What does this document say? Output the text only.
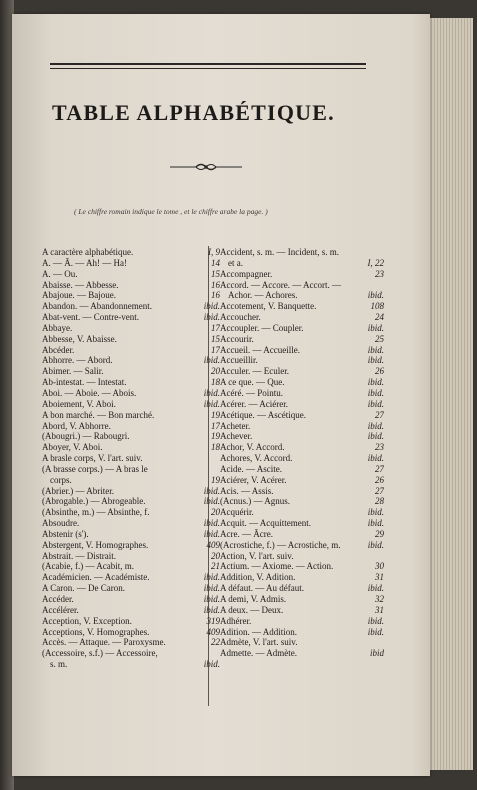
TABLE ALPHABÉTIQUE.
( Le chiffre romain indique le tome , et le chiffre arabe la page. )
A caractère alphabétique.	I, 9
A. — Â. — Ah! — Ha!	14
A. — Ou.	15
Abaisse. — Abbesse.	16
Abajoue. — Bajoue.	16
Abandon. — Abandonnement.	ibid.
Abat-vent. — Contre-vent.	ibid.
Abbaye.	17
Abbesse, V. Abaisse.	15
Abcéder.	17
Abhorre. — Abord.	ibid.
Abimer. — Salir.	20
Ab-intestat. — Intestat.	18
Aboi. — Aboie. — Abois.	ibid.
Aboiement, V. Aboi.	ibid.
A bon marché. — Bon marché.	19
Abord, V. Abhorre.	17
(Abougri.) — Rabougri.	19
Aboyer, V. Aboi.	18
A brasle corps, V. l'art. suiv.
(A brasse corps.) — A bras le
corps.	19
(Abrier.) — Abriter.	ibid.
(Abrogable.) — Abrogeable.	ibid.
(Absinthe, m.) — Absinthe, f.	20
Absoudre.	ibid.
Abstenir (s').	ibid.
Abstergent, V. Homographes.	409
Abstrait. — Distrait.	20
(Acabie, f.) — Acabit, m.	21
Académicien. — Académiste.	ibid.
A Caron. — De Caron.	ibid.
Accéder.	ibid.
Accélérer.	ibid.
Acception, V. Exception.	319
Acceptions, V. Homographes.	409
Accès. — Attaque. — Paroxysme.	22
(Accessoire, s.f.) — Accessoire,
s. m.	ibid.
Accident, s. m. — Incident, s. m.
et a.	I, 22
Accompagner.	23
Accord. — Accore. — Accort. —
Achor. — Achores.	ibid.
Accotement, V. Banquette.	108
Accoucher.	24
Accoupler. — Coupler.	ibid.
Accourir.	25
Accueil. — Accueille.	ibid.
Accueillir.	ibid.
Acculer. — Eculer.	26
A ce que. — Que.	ibid.
Acéré. — Pointu.	ibid.
Acérer. — Aciérer.	ibid.
Acétique. — Ascétique.	27
Acheter.	ibid.
Achever.	ibid.
Achor, V. Accord.	23
Achores, V. Accord.	ibid.
Acide. — Ascite.	27
Aciérer, V. Acérer.	26
Acis. — Assis.	27
(Acnus.) — Agnus.	28
Acquérir.	ibid.
Acquit. — Acquittement.	ibid.
Acre. — Âcre.	29
(Acrostiche, f.) — Acrostiche, m.	ibid.
Action, V. l'art. suiv.
Actium. — Axiome. — Action.	30
Addition, V. Adition.	31
A défaut. — Au défaut.	ibid.
A demi, V. Admis.	32
A deux. — Deux.	31
Adhérer.	ibid.
Adition. — Addition.	ibid.
Admète, V. l'art. suiv.
Admette. — Admète.	ibid
